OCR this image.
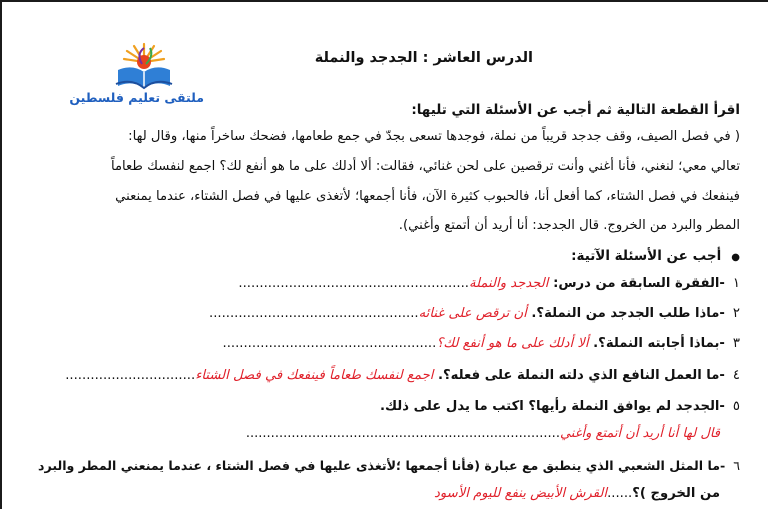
ملتقى تعليم فلسطين
الدرس العاشر : الجدجد والنملة
اقرأ القطعة التالية ثم أجب عن الأسئلة التي تليها:
( في فصل الصيف، وقف جدجد قريباً من نملة، فوجدها تسعى بجدّ في جمع طعامها، فضحك ساخراً منها، وقال لها:
تعالي معي؛ لنغني، فأنا أغني وأنت ترقصين على لحن غنائي، فقالت: ألا أدلك على ما هو أنفع لك؟ اجمع لنفسك طعاماً
فينفعك في فصل الشتاء، كما أفعل أنا، فالحبوب كثيرة الآن، فأنا أجمعها؛ لأتغذى عليها في فصل الشتاء، عندما يمنعني
المطر والبرد من الخروج. قال الجدجد: أنا أريد أن أتمتع وأغني).
●أجب عن الأسئلة الآتية:
١-الفقرة السابقة من درس: الجدجد والنملة.......................................................
٢-ماذا طلب الجدجد من النملة؟. أن ترقص على غنائه..................................................
٣-بماذا أجابته النملة؟. ألا أدلك على ما هو أنفع لك؟...................................................
٤-ما العمل النافع الذي دلته النملة على فعله؟. اجمع لنفسك طعاماً فينفعك في فصل الشتاء...............................
٥-الجدجد لم يوافق النملة رأيها؟ اكتب ما يدل على ذلك.
قال لها أنا أريد أن أتمتع وأغني............................................................................
٦-ما المثل الشعبي الذي ينطبق مع عبارة (فأنا أجمعها ؛لأتغذى عليها في فصل الشتاء ، عندما يمنعني المطر والبرد
من الخروج )؟......القرش الأبيض ينفع لليوم الأسود
